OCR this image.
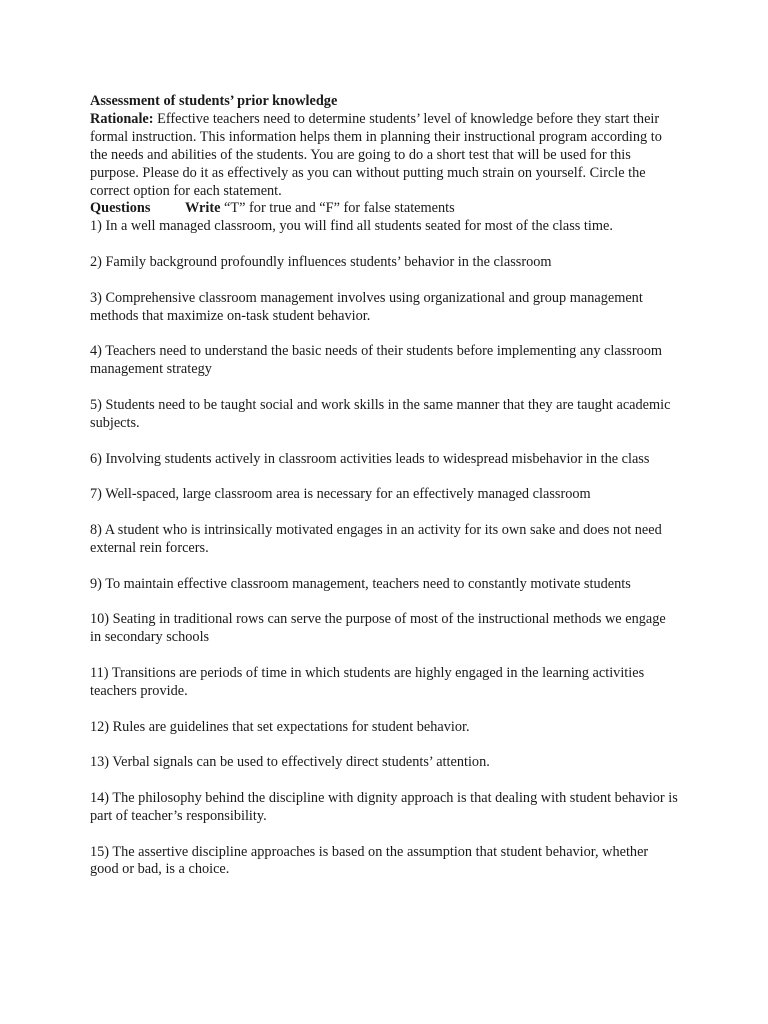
Assessment of students’ prior knowledge

Rationale: Effective teachers need to determine students’ level of knowledge before they start their formal instruction. This information helps them in planning their instructional program according to the needs and abilities of the students. You are going to do a short test that will be used for this purpose. Please do it as effectively as you can without putting much strain on yourself. Circle the correct option for each statement.

Questions Write “T” for true and “F” for false statements

1) In a well managed classroom, you will find all students seated for most of the class time.

2) Family background profoundly influences students’ behavior in the classroom

3) Comprehensive classroom management involves using organizational and group management methods that maximize on-task student behavior.

4) Teachers need to understand the basic needs of their students before implementing any classroom management strategy

5) Students need to be taught social and work skills in the same manner that they are taught academic subjects.

6) Involving students actively in classroom activities leads to widespread misbehavior in the class

7) Well-spaced, large classroom area is necessary for an effectively managed classroom

8) A student who is intrinsically motivated engages in an activity for its own sake and does not need external rein forcers.

9) To maintain effective classroom management, teachers need to constantly motivate students

10) Seating in traditional rows can serve the purpose of most of the instructional methods we engage in secondary schools

11) Transitions are periods of time in which students are highly engaged in the learning activities teachers provide.

12) Rules are guidelines that set expectations for student behavior.

13) Verbal signals can be used to effectively direct students’ attention.

14) The philosophy behind the discipline with dignity approach is that dealing with student behavior is part of teacher’s responsibility.

15) The assertive discipline approaches is based on the assumption that student behavior, whether good or bad, is a choice.
